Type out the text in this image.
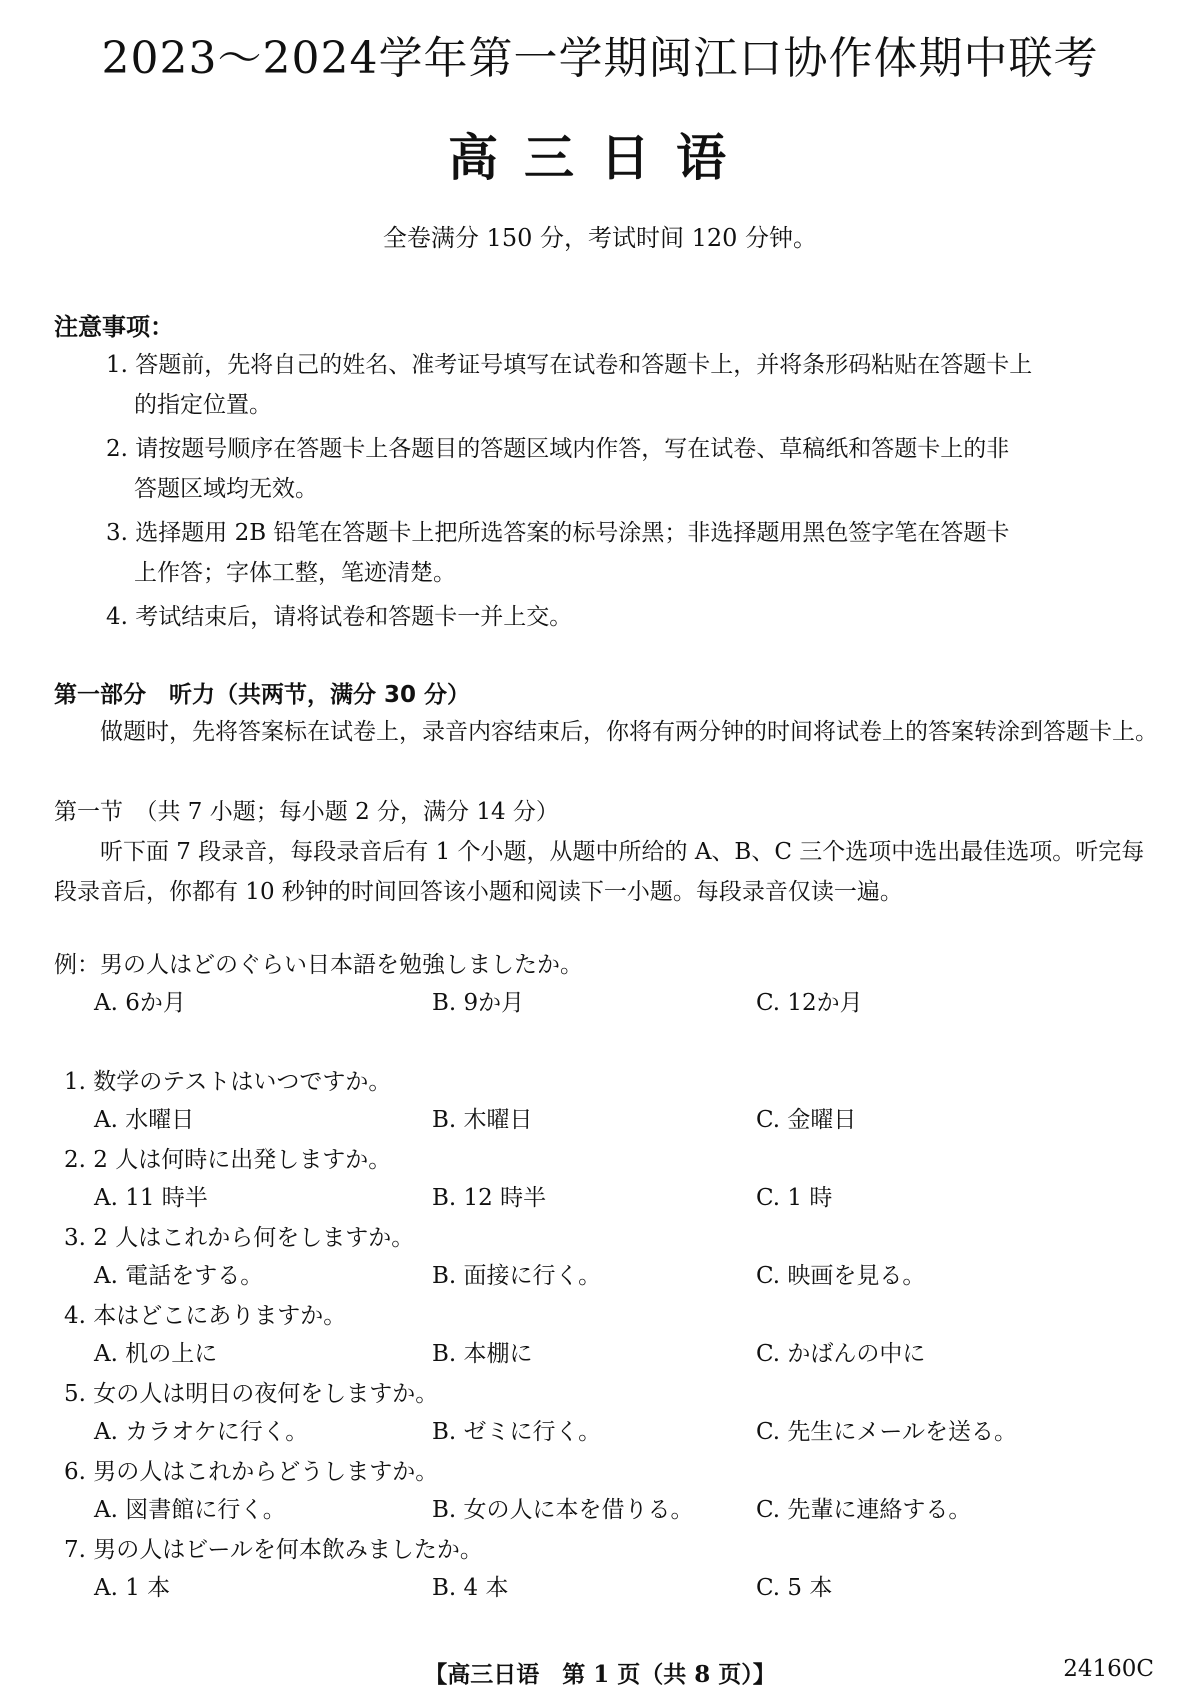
2023～2024学年第一学期闽江口协作体期中联考
高三日语
全卷满分 150 分，考试时间 120 分钟。
注意事项：
1. 答题前，先将自己的姓名、准考证号填写在试卷和答题卡上，并将条形码粘贴在答题卡上
的指定位置。
2. 请按题号顺序在答题卡上各题目的答题区域内作答，写在试卷、草稿纸和答题卡上的非
答题区域均无效。
3. 选择题用 2B 铅笔在答题卡上把所选答案的标号涂黑；非选择题用黑色签字笔在答题卡
上作答；字体工整，笔迹清楚。
4. 考试结束后，请将试卷和答题卡一并上交。
第一部分　听力（共两节，满分 30 分）
做题时，先将答案标在试卷上，录音内容结束后，你将有两分钟的时间将试卷上的答案转涂到答题卡上。
第一节　（共 7 小题；每小题 2 分，满分 14 分）
听下面 7 段录音，每段录音后有 1 个小题，从题中所给的 A、B、C 三个选项中选出最佳选项。听完每段录音后，你都有 10 秒钟的时间回答该小题和阅读下一小题。每段录音仅读一遍。
例：男の人はどのぐらい日本語を勉強しましたか。
A. 6か月	B. 9か月	C. 12か月
1. 数学のテストはいつですか。
A. 水曜日	B. 木曜日	C. 金曜日
2. 2 人は何時に出発しますか。
A. 11 時半	B. 12 時半	C. 1 時
3. 2 人はこれから何をしますか。
A. 電話をする。	B. 面接に行く。	C. 映画を見る。
4. 本はどこにありますか。
A. 机の上に	B. 本棚に	C. かばんの中に
5. 女の人は明日の夜何をしますか。
A. カラオケに行く。	B. ゼミに行く。	C. 先生にメールを送る。
6. 男の人はこれからどうしますか。
A. 図書館に行く。	B. 女の人に本を借りる。	C. 先輩に連絡する。
7. 男の人はビールを何本飲みましたか。
A. 1 本	B. 4 本	C. 5 本
【高三日语　第 1 页（共 8 页）】	24160C
